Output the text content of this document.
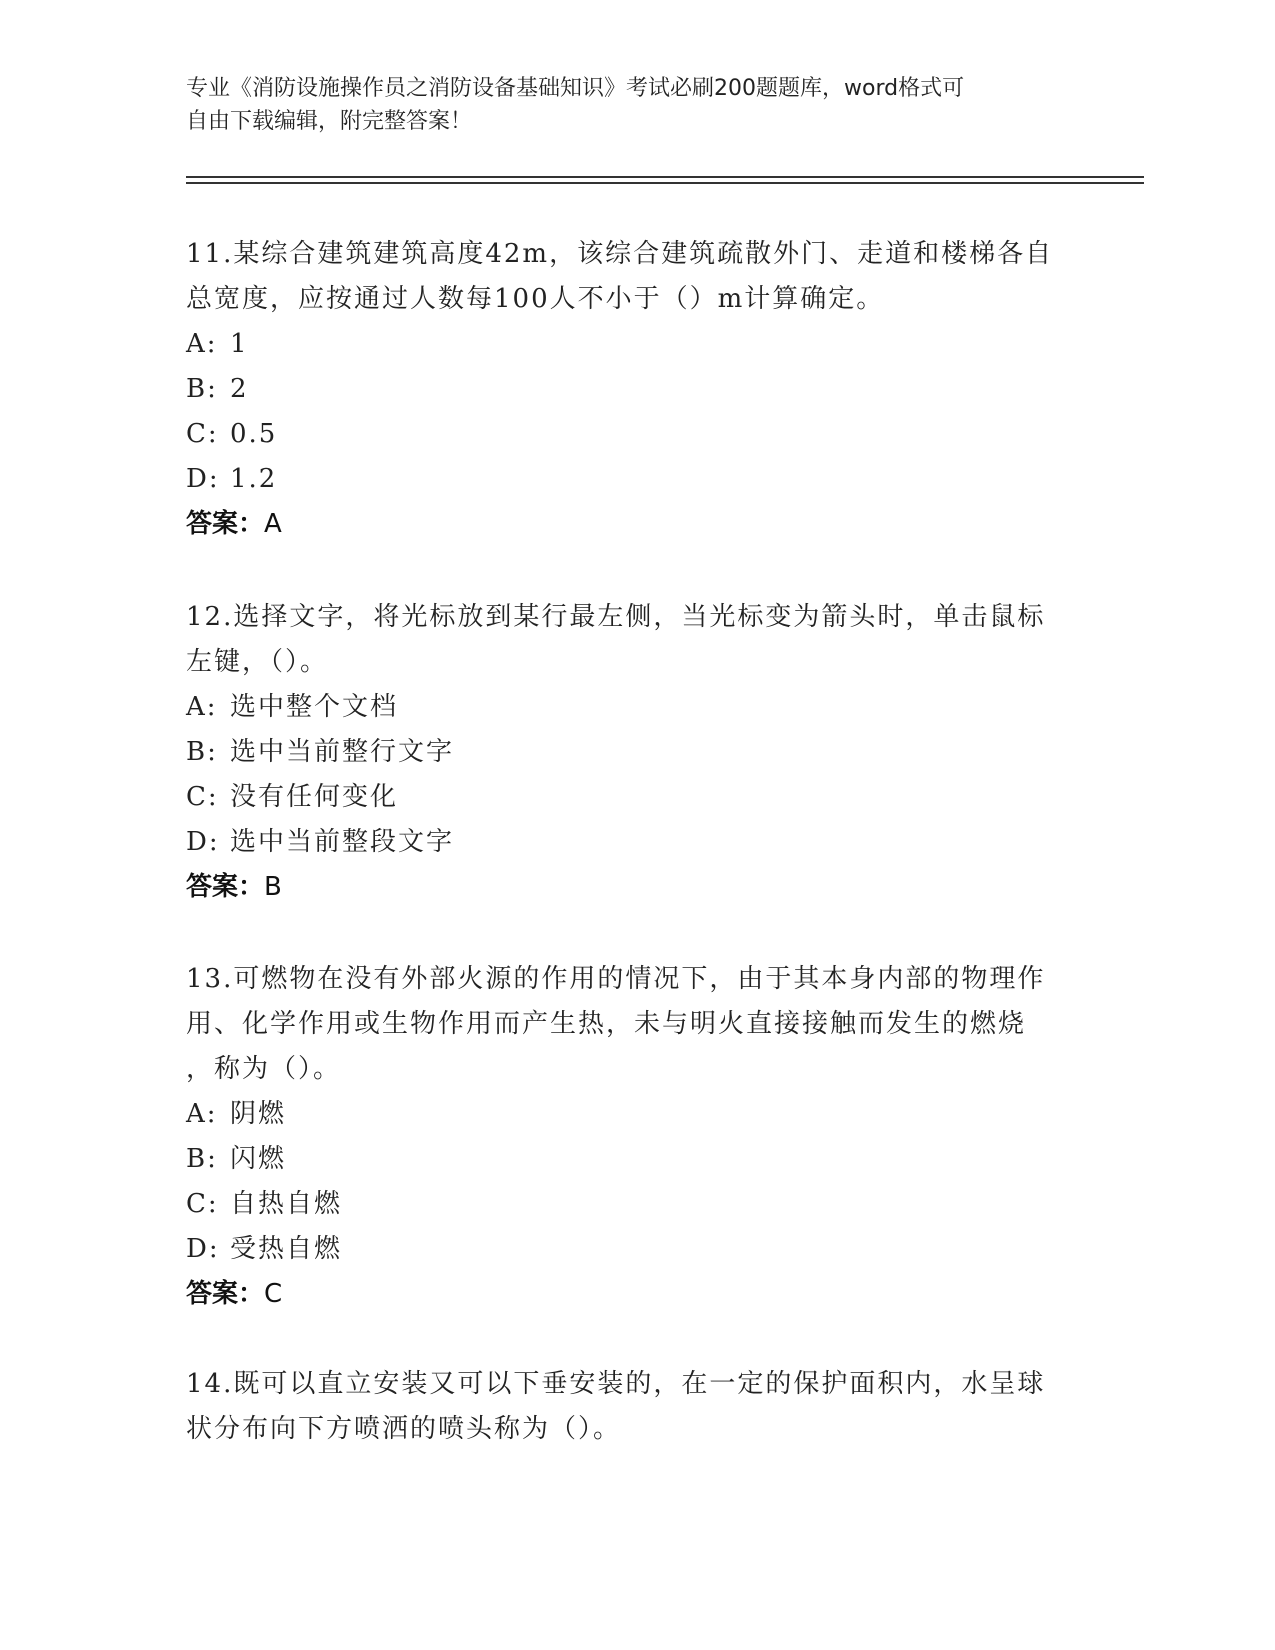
专业《消防设施操作员之消防设备基础知识》考试必刷200题题库，word格式可
自由下载编辑，附完整答案！

11.某综合建筑建筑高度42m，该综合建筑疏散外门、走道和楼梯各自

总宽度，应按通过人数每100人不小于（）m计算确定。

A: 1

B: 2

C: 0.5

D: 1.2

答案：A

12.选择文字，将光标放到某行最左侧，当光标变为箭头时，单击鼠标

左键，（）。

A: 选中整个文档

B: 选中当前整行文字

C: 没有任何变化

D: 选中当前整段文字

答案：B

13.可燃物在没有外部火源的作用的情况下，由于其本身内部的物理作

用、化学作用或生物作用而产生热，未与明火直接接触而发生的燃烧

，称为（）。

A: 阴燃

B: 闪燃

C: 自热自燃

D: 受热自燃

答案：C

14.既可以直立安装又可以下垂安装的，在一定的保护面积内，水呈球

状分布向下方喷洒的喷头称为（）。
